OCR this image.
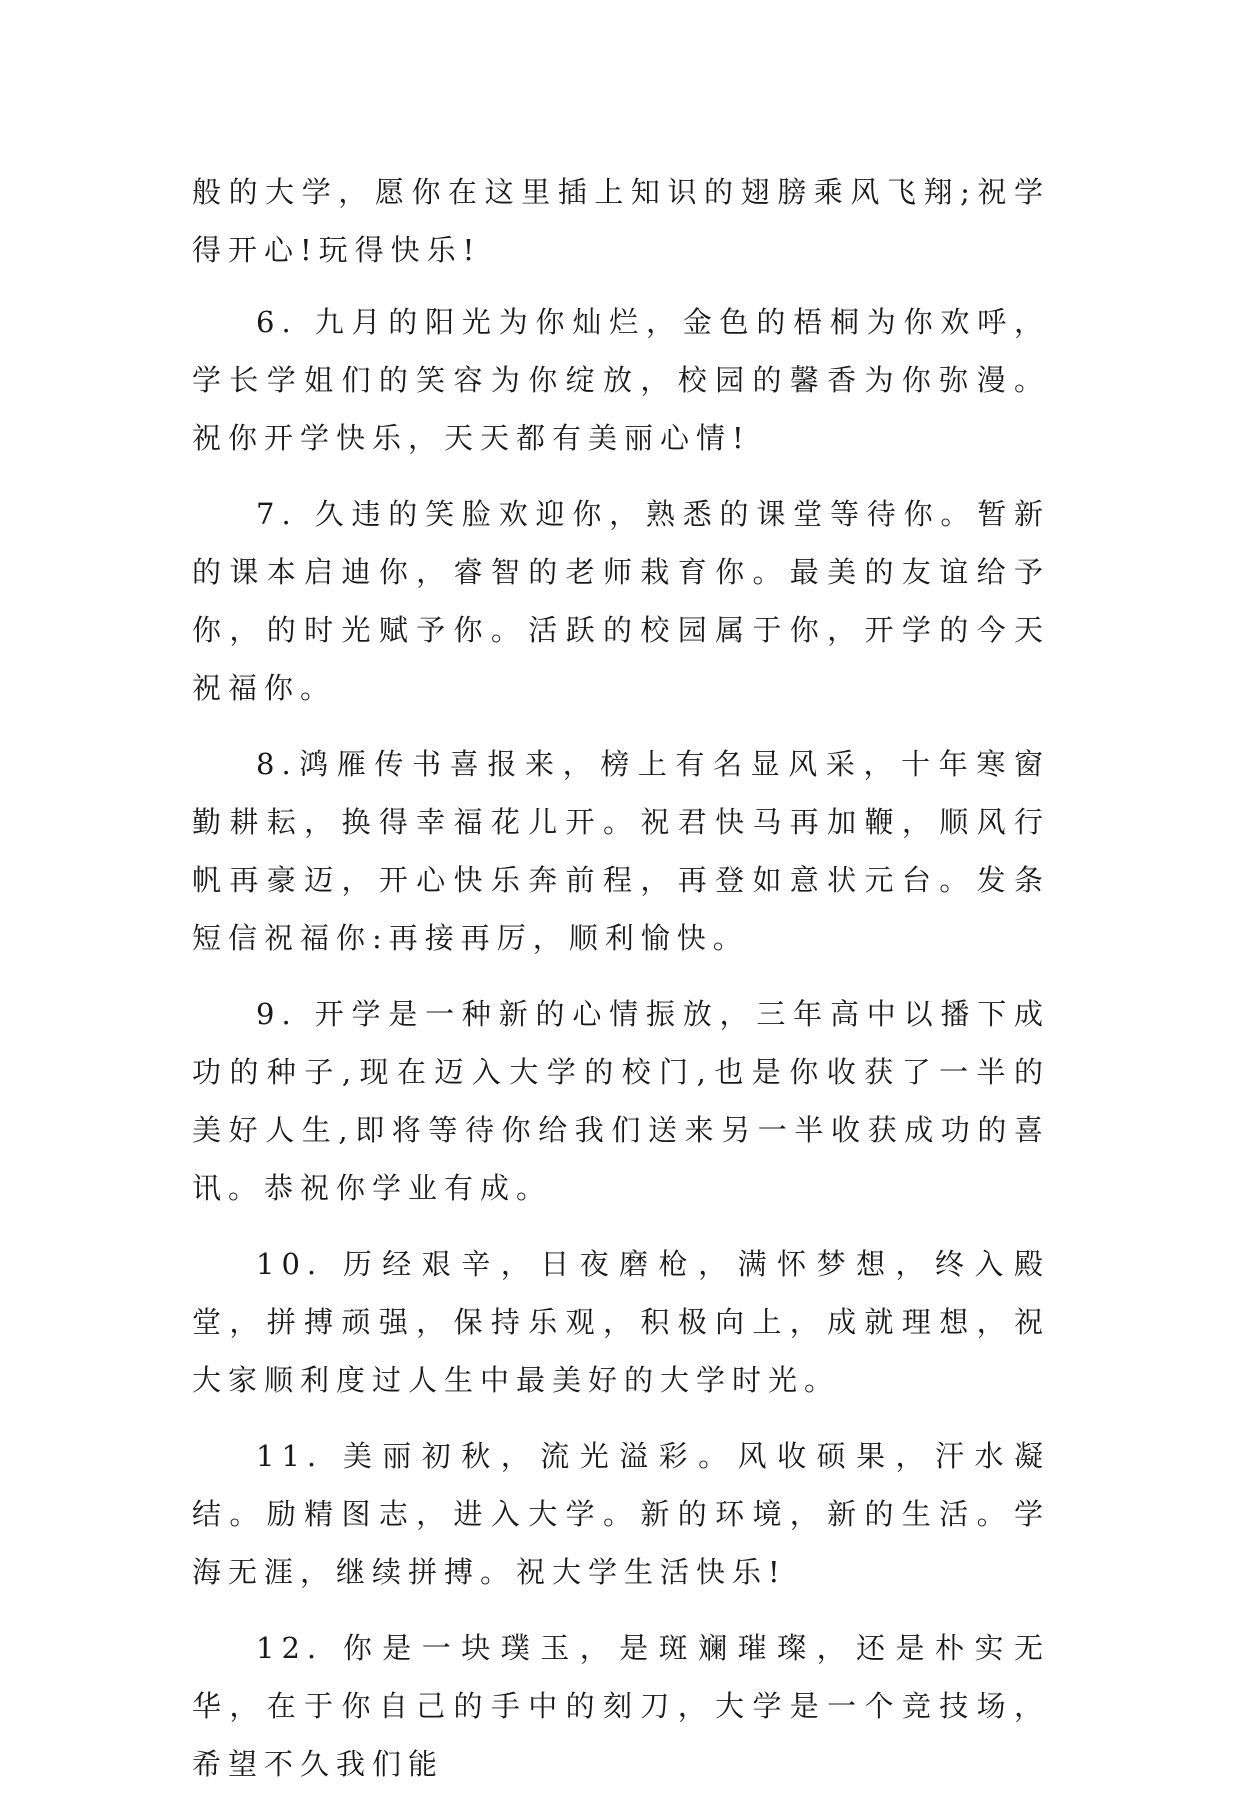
般的大学，愿你在这里插上知识的翅膀乘风飞翔;祝学得开心!玩得快乐!

6. 九月的阳光为你灿烂，金色的梧桐为你欢呼，学长学姐们的笑容为你绽放，校园的馨香为你弥漫。祝你开学快乐，天天都有美丽心情!

7. 久违的笑脸欢迎你，熟悉的课堂等待你。暂新的课本启迪你，睿智的老师栽育你。最美的友谊给予你，的时光赋予你。活跃的校园属于你，开学的今天祝福你。

8.鸿雁传书喜报来，榜上有名显风采，十年寒窗勤耕耘，换得幸福花儿开。祝君快马再加鞭，顺风行帆再豪迈，开心快乐奔前程，再登如意状元台。发条短信祝福你:再接再厉，顺利愉快。

9. 开学是一种新的心情振放，三年高中以播下成功的种子,现在迈入大学的校门,也是你收获了一半的美好人生,即将等待你给我们送来另一半收获成功的喜讯。恭祝你学业有成。

10. 历经艰辛，日夜磨枪，满怀梦想，终入殿堂，拼搏顽强，保持乐观，积极向上，成就理想，祝大家顺利度过人生中最美好的大学时光。

11. 美丽初秋，流光溢彩。风收硕果，汗水凝结。励精图志，进入大学。新的环境，新的生活。学海无涯，继续拼搏。祝大学生活快乐!

12. 你是一块璞玉，是斑斓璀璨，还是朴实无华，在于你自己的手中的刻刀，大学是一个竞技场，希望不久我们能
